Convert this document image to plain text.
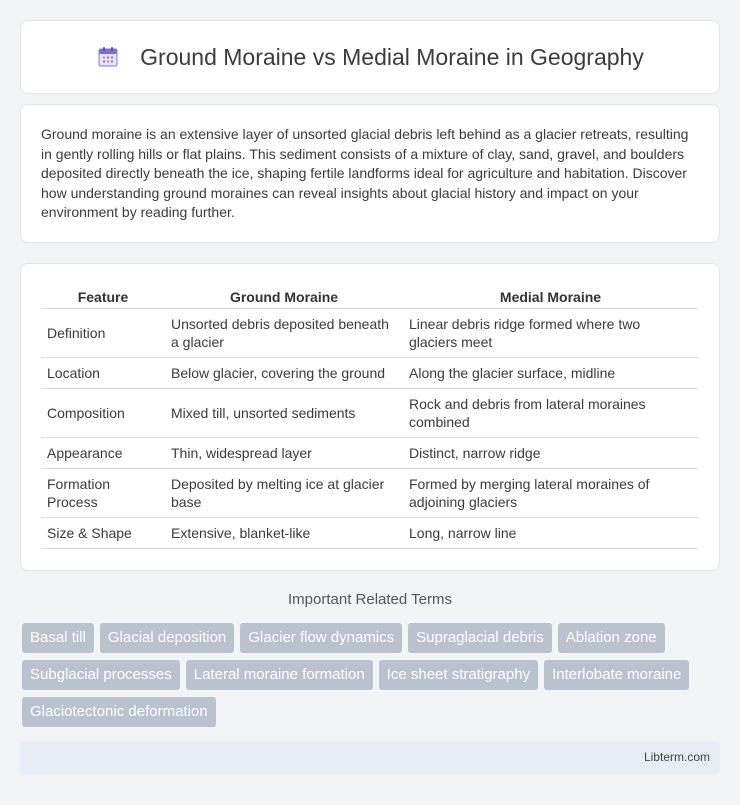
Ground Moraine vs Medial Moraine in Geography

Ground moraine is an extensive layer of unsorted glacial debris left behind as a glacier retreats, resulting in gently rolling hills or flat plains. This sediment consists of a mixture of clay, sand, gravel, and boulders deposited directly beneath the ice, shaping fertile landforms ideal for agriculture and habitation. Discover how understanding ground moraines can reveal insights about glacial history and impact on your environment by reading further.

Feature	Ground Moraine	Medial Moraine
Definition	Unsorted debris deposited beneath a glacier	Linear debris ridge formed where two glaciers meet
Location	Below glacier, covering the ground	Along the glacier surface, midline
Composition	Mixed till, unsorted sediments	Rock and debris from lateral moraines combined
Appearance	Thin, widespread layer	Distinct, narrow ridge
Formation Process	Deposited by melting ice at glacier base	Formed by merging lateral moraines of adjoining glaciers
Size & Shape	Extensive, blanket-like	Long, narrow line
Important Related Terms
Basal till	Glacial deposition	Glacier flow dynamics	Supraglacial debris	Ablation zone
Subglacial processes	Lateral moraine formation	Ice sheet stratigraphy	Interlobate moraine
Glaciotectonic deformation
Libterm.com
